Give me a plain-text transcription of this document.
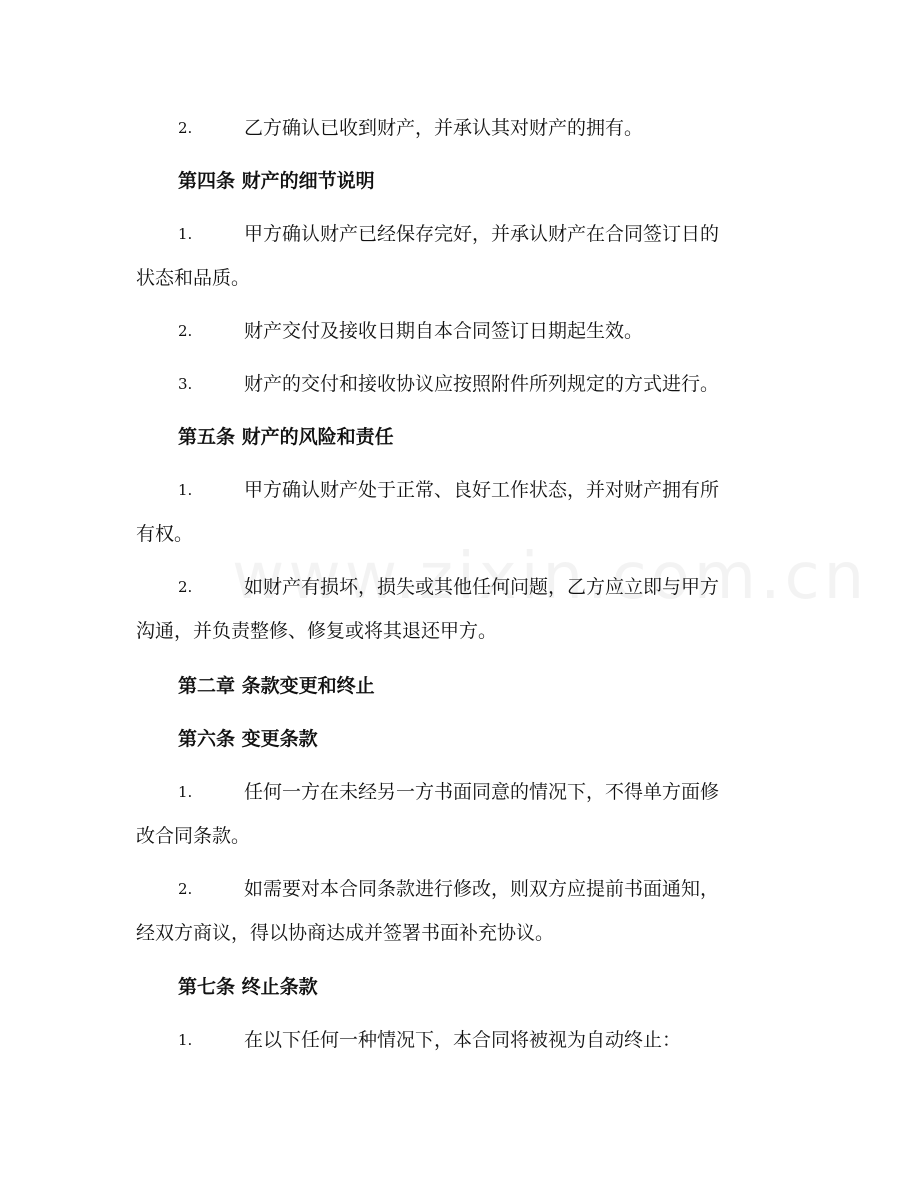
2.	乙方确认已收到财产，并承认其对财产的拥有。
第四条 财产的细节说明
1.	甲方确认财产已经保存完好，并承认财产在合同签订日的
状态和品质。
2.	财产交付及接收日期自本合同签订日期起生效。
3.	财产的交付和接收协议应按照附件所列规定的方式进行。
第五条 财产的风险和责任
1.	甲方确认财产处于正常、良好工作状态，并对财产拥有所
有权。
2.	如财产有损坏，损失或其他任何问题，乙方应立即与甲方
沟通，并负责整修、修复或将其退还甲方。
第二章 条款变更和终止
第六条 变更条款
1.	任何一方在未经另一方书面同意的情况下，不得单方面修
改合同条款。
2.	如需要对本合同条款进行修改，则双方应提前书面通知，
经双方商议，得以协商达成并签署书面补充协议。
第七条 终止条款
1.	在以下任何一种情况下，本合同将被视为自动终止：
